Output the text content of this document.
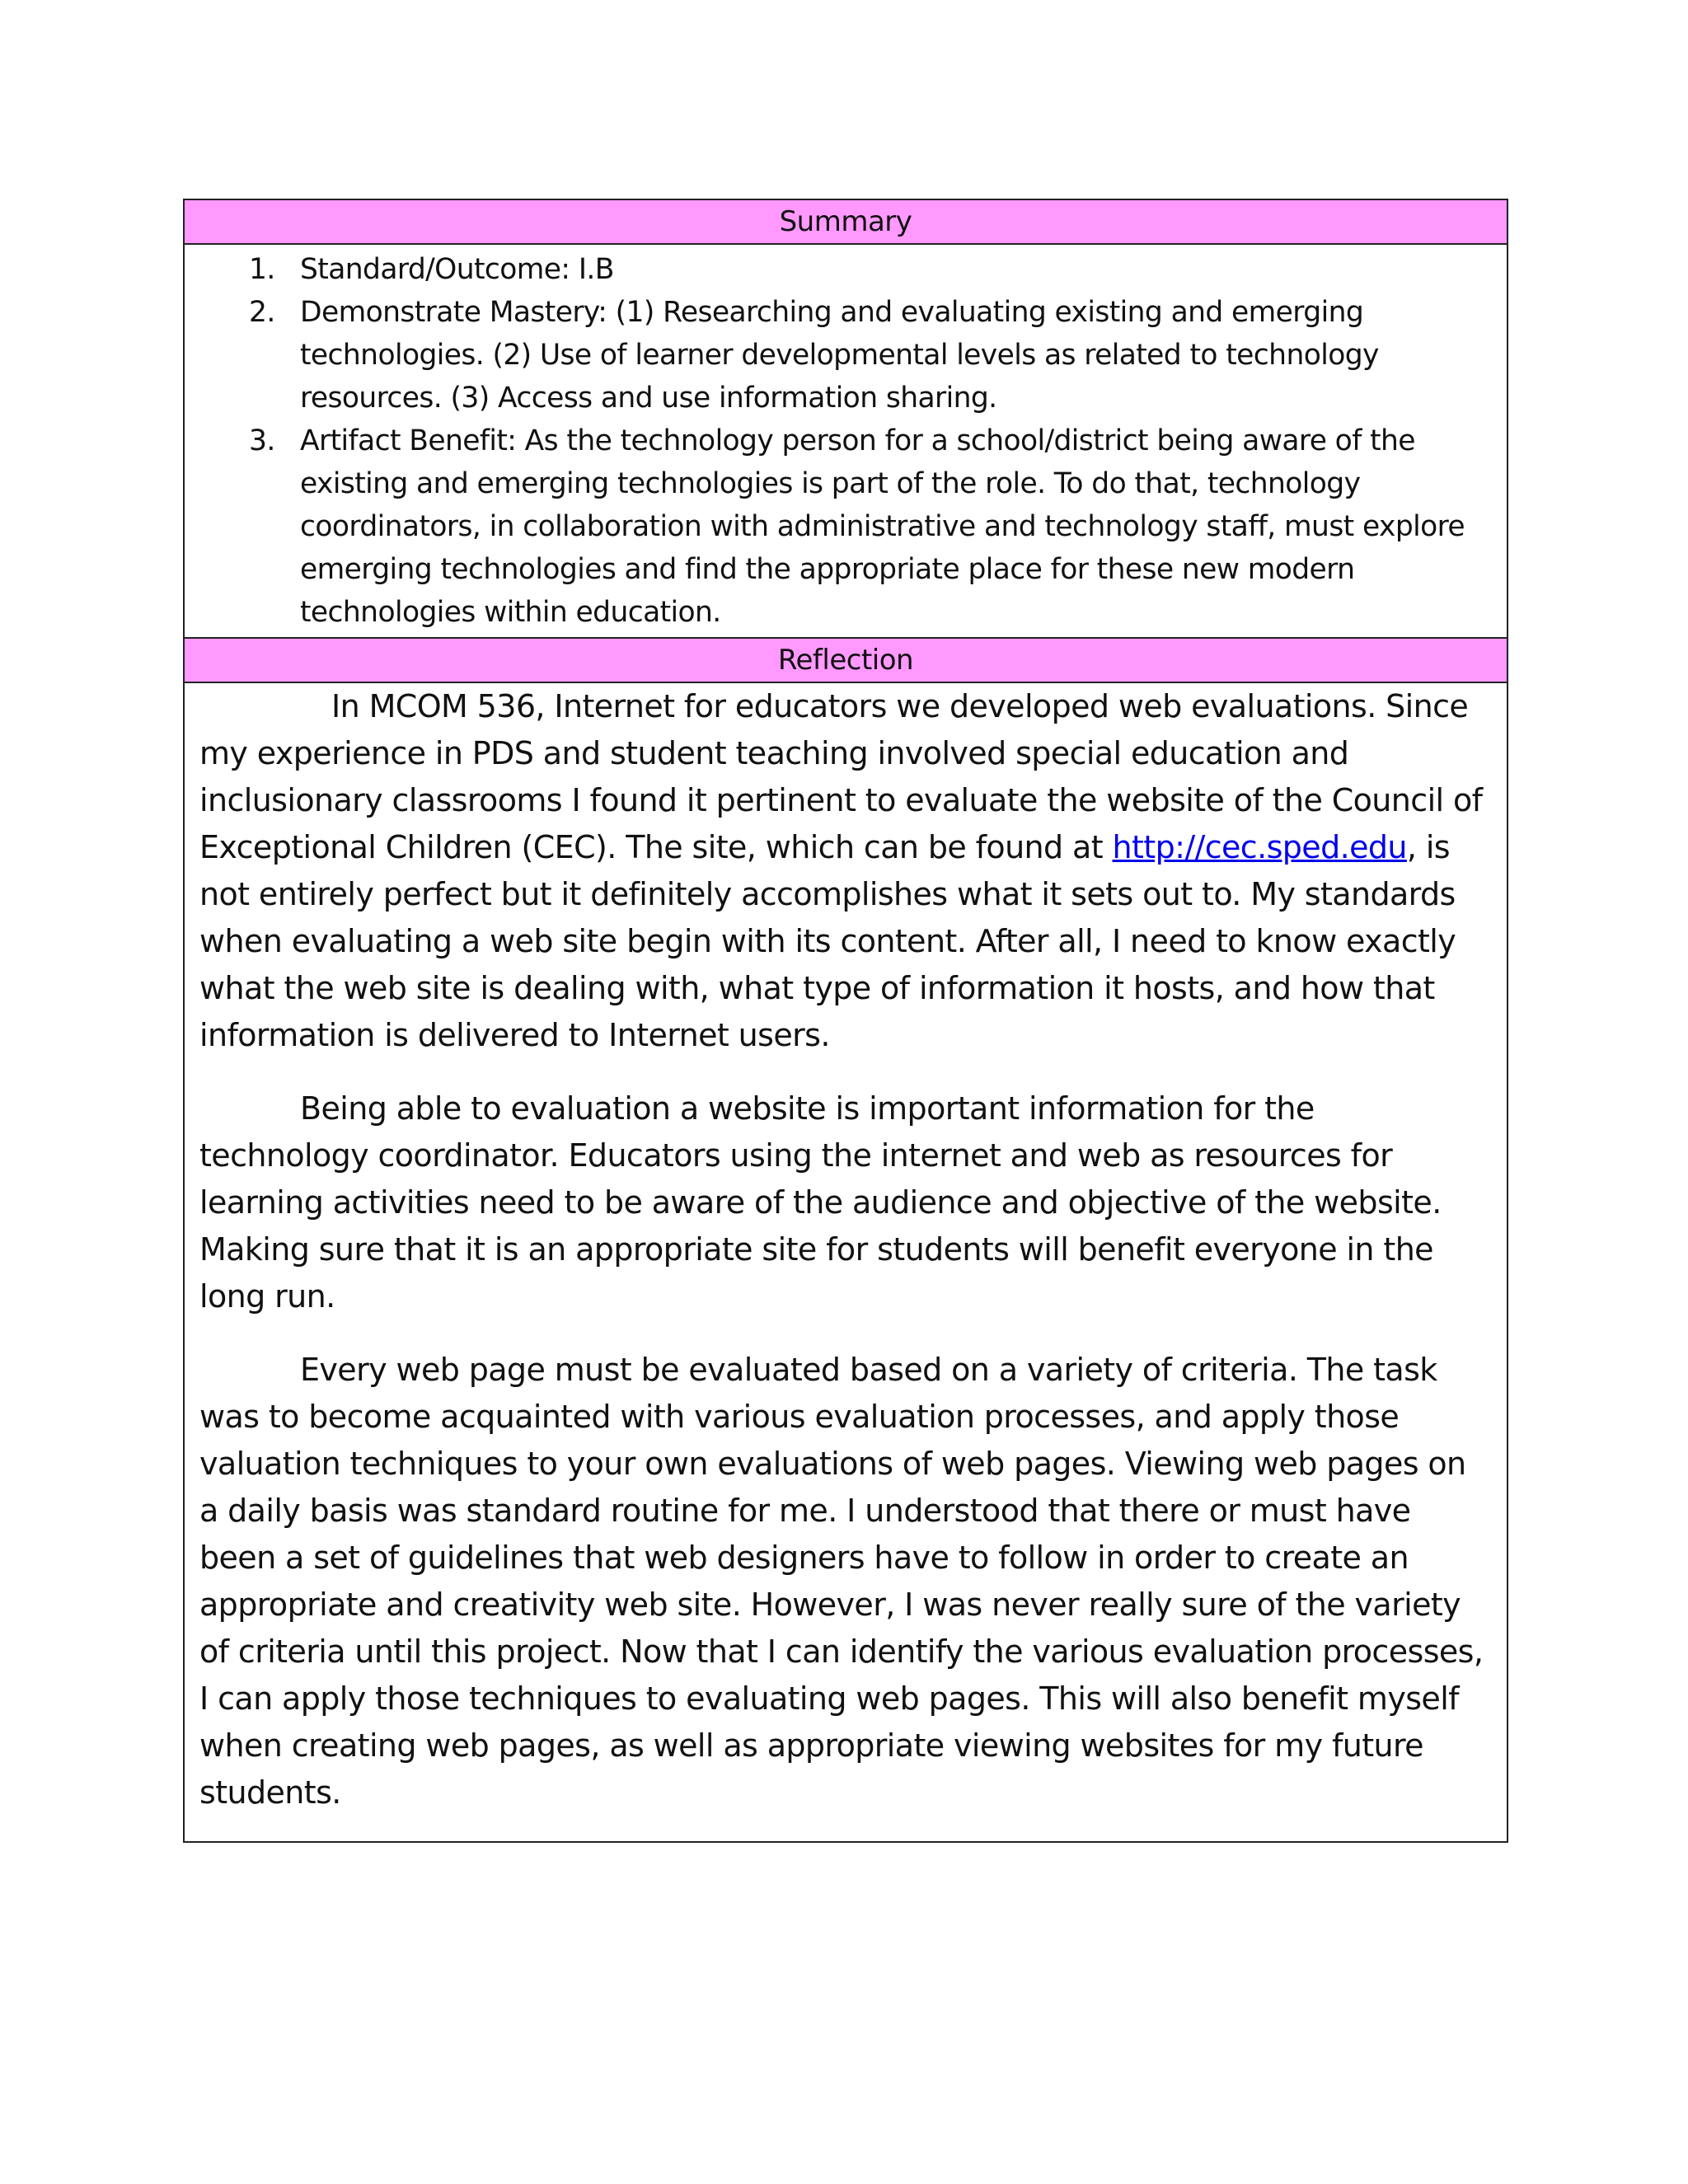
Summary
1. Standard/Outcome: I.B
2. Demonstrate Mastery: (1) Researching and evaluating existing and emerging technologies. (2) Use of learner developmental levels as related to technology resources. (3) Access and use information sharing.
3. Artifact Benefit: As the technology person for a school/district being aware of the existing and emerging technologies is part of the role. To do that, technology coordinators, in collaboration with administrative and technology staff, must explore emerging technologies and find the appropriate place for these new modern technologies within education.
Reflection

In MCOM 536, Internet for educators we developed web evaluations. Since my experience in PDS and student teaching involved special education and inclusionary classrooms I found it pertinent to evaluate the website of the Council of Exceptional Children (CEC). The site, which can be found at http://cec.sped.edu, is not entirely perfect but it definitely accomplishes what it sets out to. My standards when evaluating a web site begin with its content. After all, I need to know exactly what the web site is dealing with, what type of information it hosts, and how that information is delivered to Internet users.

Being able to evaluation a website is important information for the technology coordinator. Educators using the internet and web as resources for learning activities need to be aware of the audience and objective of the website. Making sure that it is an appropriate site for students will benefit everyone in the long run.

Every web page must be evaluated based on a variety of criteria. The task was to become acquainted with various evaluation processes, and apply those valuation techniques to your own evaluations of web pages. Viewing web pages on a daily basis was standard routine for me. I understood that there or must have been a set of guidelines that web designers have to follow in order to create an appropriate and creativity web site. However, I was never really sure of the variety of criteria until this project. Now that I can identify the various evaluation processes, I can apply those techniques to evaluating web pages. This will also benefit myself when creating web pages, as well as appropriate viewing websites for my future students.
